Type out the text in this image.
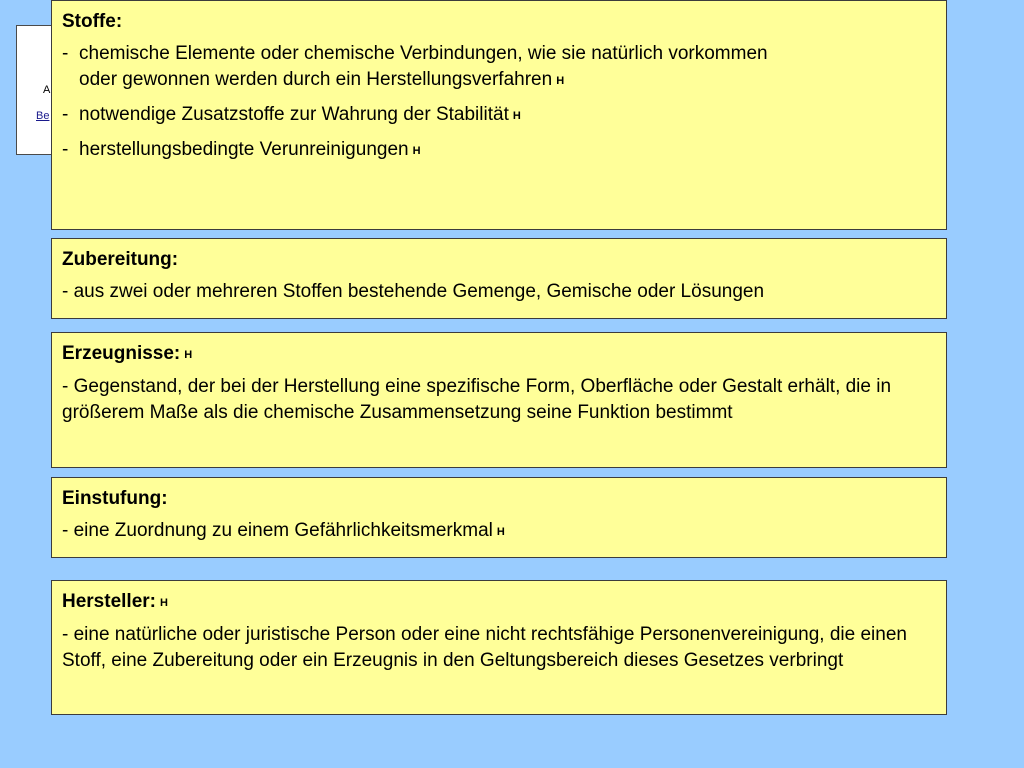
A
Be

Stoffe:

- chemische Elemente oder chemische Verbindungen, wie sie natürlich vorkommen
oder gewonnen werden durch ein Herstellungsverfahren H

- notwendige Zusatzstoffe zur Wahrung der Stabilität H

- herstellungsbedingte Verunreinigungen H

Zubereitung:

- aus zwei oder mehreren Stoffen bestehende Gemenge, Gemische oder Lösungen

Erzeugnisse: H

- Gegenstand, der bei der Herstellung eine spezifische Form, Oberfläche oder Gestalt erhält, die in größerem Maße als die chemische Zusammensetzung seine Funktion bestimmt

Einstufung:

- eine Zuordnung zu einem Gefährlichkeitsmerkmal H

Hersteller: H

- eine natürliche oder juristische Person oder eine nicht rechtsfähige Personenvereinigung, die einen Stoff, eine Zubereitung oder ein Erzeugnis in den Geltungsbereich dieses Gesetzes verbringt
